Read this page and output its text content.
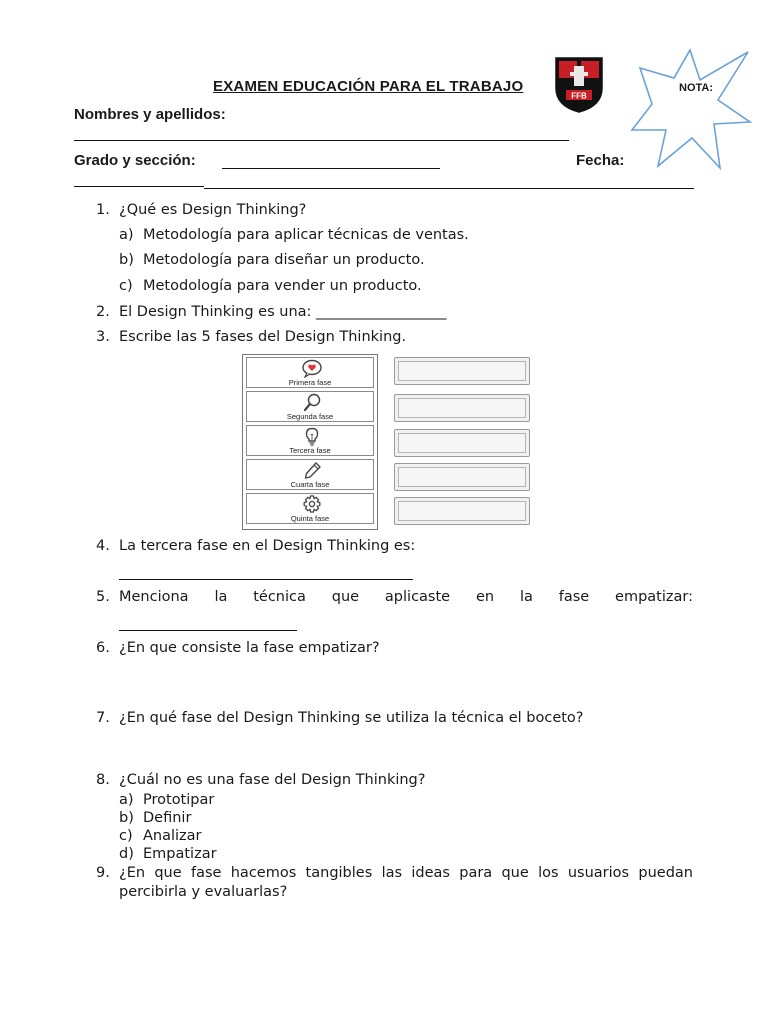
EXAMEN EDUCACIÓN PARA EL TRABAJO
FFB
NOTA:
Nombres y apellidos:
Grado y sección:	Fecha:
1. ¿Qué es Design Thinking?
a) Metodología para aplicar técnicas de ventas.
b) Metodología para diseñar un producto.
c) Metodología para vender un producto.
2. El Design Thinking es una: __________________
3. Escribe las 5 fases del Design Thinking.
Primera fase
Segunda fase
Tercera fase
Cuarta fase
Quinta fase
4. La tercera fase en el Design Thinking es:
5. Menciona la técnica que aplicaste en la fase empatizar:
6. ¿En que consiste la fase empatizar?
7. ¿En qué fase del Design Thinking se utiliza la técnica el boceto?
8. ¿Cuál no es una fase del Design Thinking?
a) Prototipar
b) Definir
c) Analizar
d) Empatizar
9. ¿En que fase hacemos tangibles las ideas para que los usuarios puedan
percibirla y evaluarlas?
